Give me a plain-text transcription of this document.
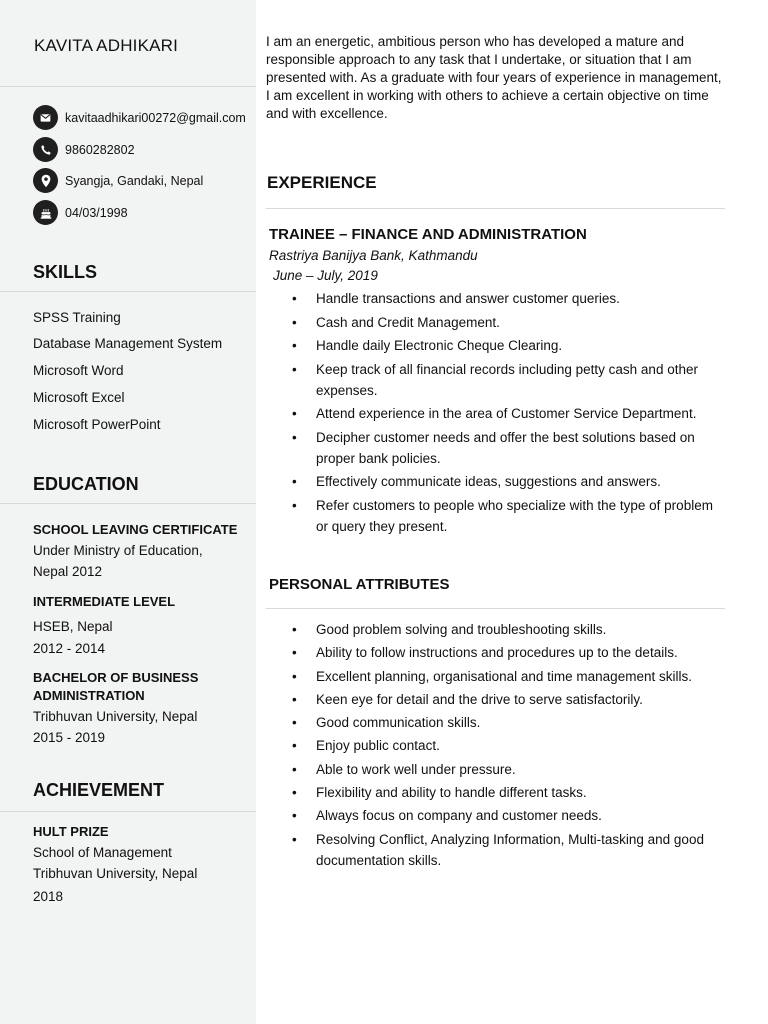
KAVITA ADHIKARI
kavitaadhikari00272@gmail.com
9860282802
Syangja, Gandaki, Nepal
04/03/1998
SKILLS
SPSS Training
Database Management System
Microsoft Word
Microsoft Excel
Microsoft PowerPoint
EDUCATION
SCHOOL LEAVING CERTIFICATE
Under Ministry of Education,
Nepal 2012
INTERMEDIATE LEVEL
HSEB, Nepal
2012 - 2014
BACHELOR OF BUSINESS
ADMINISTRATION
Tribhuvan University, Nepal
2015 - 2019
ACHIEVEMENT
HULT PRIZE
School of Management
Tribhuvan University, Nepal
2018
I am an energetic, ambitious person who has developed a mature and
responsible approach to any task that I undertake, or situation that I am
presented with. As a graduate with four years of experience in management,
I am excellent in working with others to achieve a certain objective on time
and with excellence.
EXPERIENCE
TRAINEE – FINANCE AND ADMINISTRATION
Rastriya Banijya Bank, Kathmandu
June – July, 2019
• Handle transactions and answer customer queries.
• Cash and Credit Management.
• Handle daily Electronic Cheque Clearing.
• Keep track of all financial records including petty cash and other
expenses.
• Attend experience in the area of Customer Service Department.
• Decipher customer needs and offer the best solutions based on
proper bank policies.
• Effectively communicate ideas, suggestions and answers.
• Refer customers to people who specialize with the type of problem
or query they present.
PERSONAL ATTRIBUTES
• Good problem solving and troubleshooting skills.
• Ability to follow instructions and procedures up to the details.
• Excellent planning, organisational and time management skills.
• Keen eye for detail and the drive to serve satisfactorily.
• Good communication skills.
• Enjoy public contact.
• Able to work well under pressure.
• Flexibility and ability to handle different tasks.
• Always focus on company and customer needs.
• Resolving Conflict, Analyzing Information, Multi-tasking and good
documentation skills.
